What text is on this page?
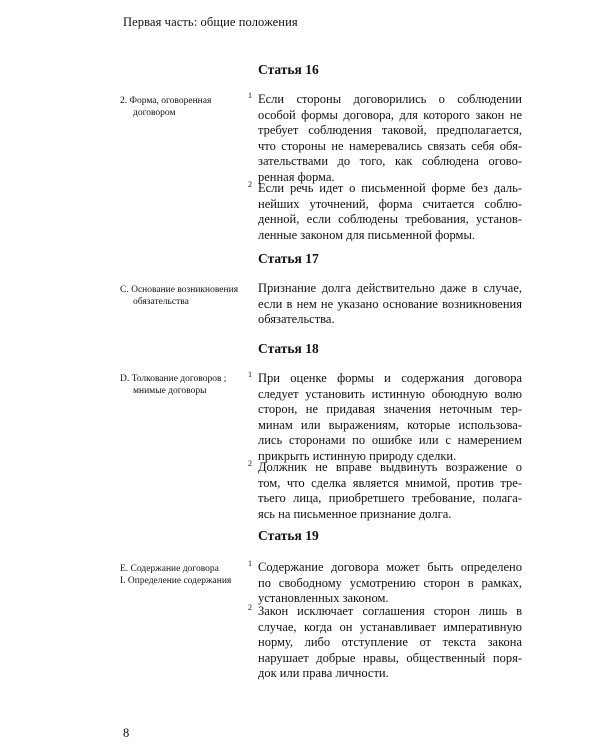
Первая часть: общие положения
Статья 16
2. Форма, оговоренная
договором
1 Если стороны договорились о соблюдении
особой формы договора, для которого закон не
требует соблюдения таковой, предполагается,
что стороны не намеревались связать себя обя-
зательствами до того, как соблюдена огово-
ренная форма.
2 Если речь идет о письменной форме без даль-
нейших уточнений, форма считается соблю-
денной, если соблюдены требования, установ-
ленные законом для письменной формы.
Статья 17
C. Основание возникновения
обязательства
Признание долга действительно даже в случае,
если в нем не указано основание возникновения
обязательства.
Статья 18
D. Толкование договоров ;
мнимые договоры
1 При оценке формы и содержания договора
следует установить истинную обоюдную волю
сторон, не придавая значения неточным тер-
минам или выражениям, которые использова-
лись сторонами по ошибке или с намерением
прикрыть истинную природу сделки.
2 Должник не вправе выдвинуть возражение о
том, что сделка является мнимой, против тре-
тьего лица, приобретшего требование, полага-
ясь на письменное признание долга.
Статья 19
E. Содержание договора
I. Определение содержания
1 Содержание договора может быть определено
по свободному усмотрению сторон в рамках,
установленных законом.
2 Закон исключает соглашения сторон лишь в
случае, когда он устанавливает императивную
норму, либо отступление от текста закона
нарушает добрые нравы, общественный поря-
док или права личности.
8
